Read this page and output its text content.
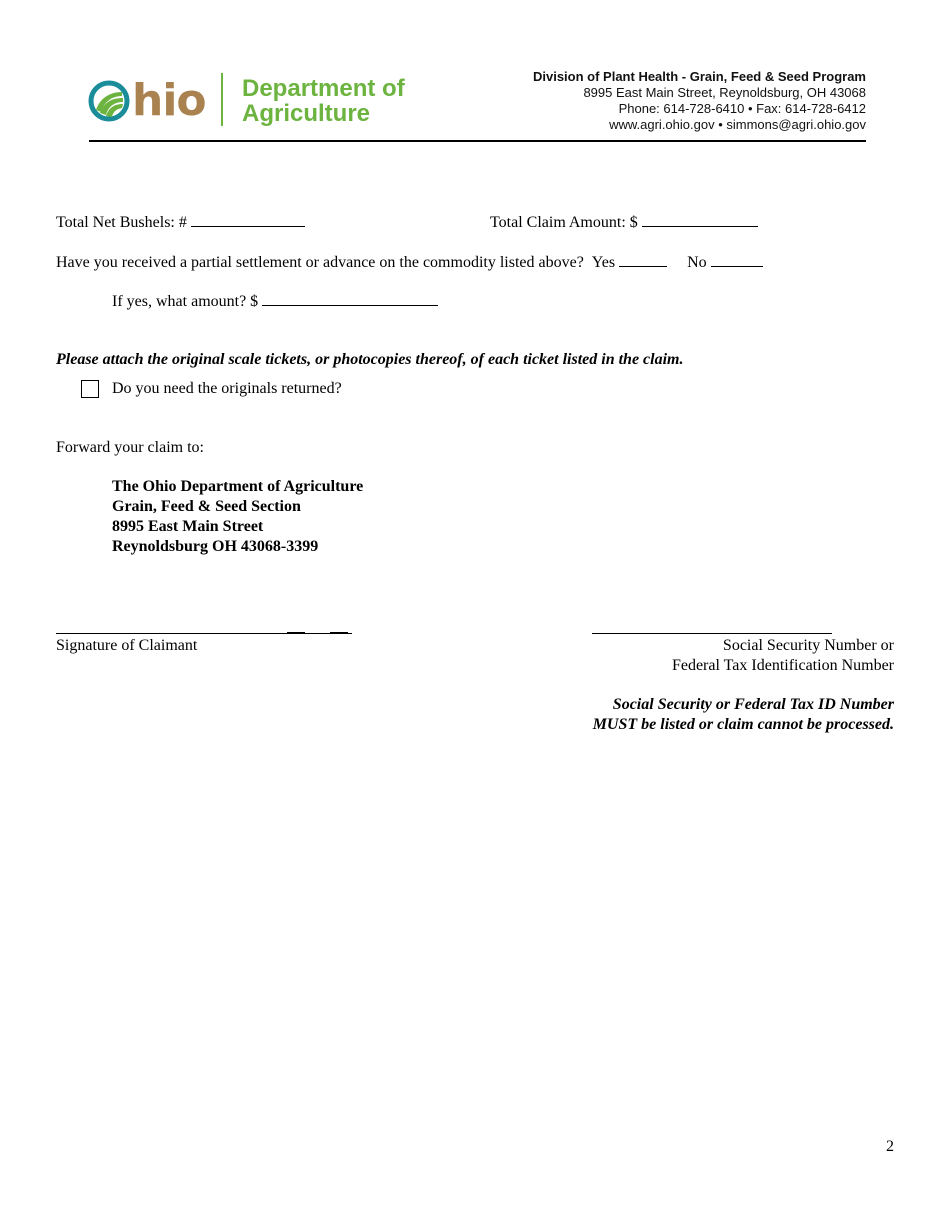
hio Department of
Agriculture
Division of Plant Health - Grain, Feed & Seed Program
8995 East Main Street, Reynoldsburg, OH 43068
Phone: 614-728-6410 • Fax: 614-728-6412
www.agri.ohio.gov • simmons@agri.ohio.gov
Total Net Bushels: #	Total Claim Amount: $
Have you received a partial settlement or advance on the commodity listed above? Yes	No
If yes, what amount? $
Please attach the original scale tickets, or photocopies thereof, of each ticket listed in the claim.
Do you need the originals returned?
Forward your claim to:
The Ohio Department of Agriculture
Grain, Feed & Seed Section
8995 East Main Street
Reynoldsburg OH 43068-3399
Signature of Claimant	Social Security Number or
Federal Tax Identification Number
Social Security or Federal Tax ID Number
MUST be listed or claim cannot be processed.
2
